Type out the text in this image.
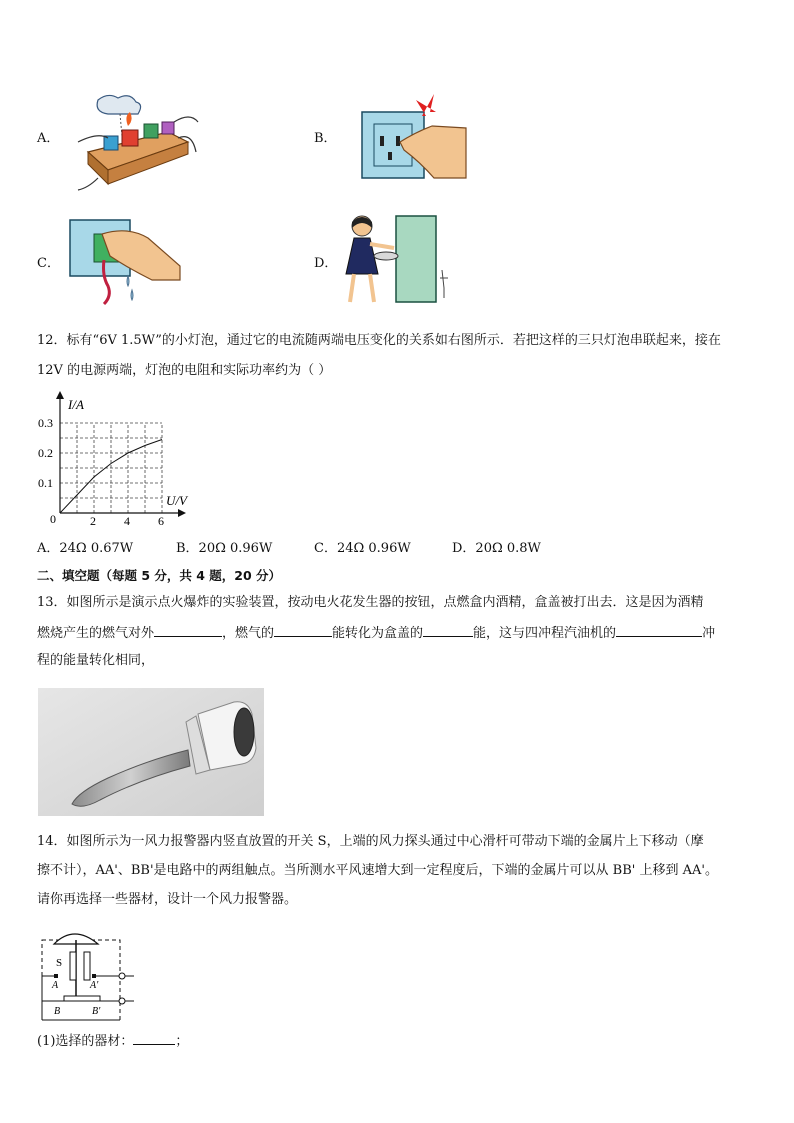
A．	B．
C．	D．
12．标有“6V 1.5W”的小灯泡，通过它的电流随两端电压变化的关系如右图所示．若把这样的三只灯泡串联起来，接在
12V 的电源两端，灯泡的电阻和实际功率约为（ ）
2 4 6
0.1
0.2
0.3
I/A
U/V
0
A．24Ω 0.67W	B．20Ω 0.96W	C．24Ω 0.96W	D．20Ω 0.8W
二、填空题（每题 5 分，共 4 题，20 分）
13．如图所示是演示点火爆炸的实验装置，按动电火花发生器的按钮，点燃盒内酒精，盒盖被打出去．这是因为酒精
燃烧产生的燃气对外	，燃气的	能转化为盒盖的	能，这与四冲程汽油机的	冲
程的能量转化相同，
14．如图所示为一风力报警器内竖直放置的开关 S，上端的风力探头通过中心滑杆可带动下端的金属片上下移动（摩
擦不计），AA'、BB'是电路中的两组触点。当所测水平风速增大到一定程度后，下端的金属片可以从 BB' 上移到 AA'。
请你再选择一些器材，设计一个风力报警器。
S
A	A'
B	B'
(1)选择的器材：	；
